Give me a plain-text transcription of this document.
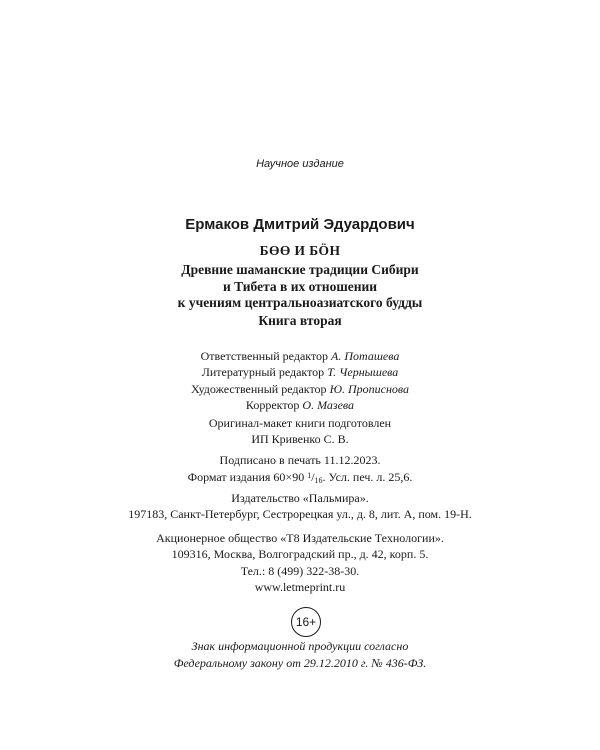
Научное издание
Ермаков Дмитрий Эдуардович
БӨӨ И БӦН
Древние шаманские традиции Сибири
и Тибета в их отношении
к учениям центральноазиатского будды
Книга вторая
Ответственный редактор А. Поташева
Литературный редактор Т. Чернышева
Художественный редактор Ю. Прописнова
Корректор О. Мазева
Оригинал-макет книги подготовлен
ИП Кривенко С. В.
Подписано в печать 11.12.2023.
Формат издания 60×90 $^1$/16. Усл. печ. л. 25,6.
Издательство «Пальмира».
197183, Санкт-Петербург, Сестрорецкая ул., д. 8, лит. А, пом. 19-Н.
Акционерное общество «Т8 Издательские Технологии».
109316, Москва, Волгоградский пр., д. 42, корп. 5.
Тел.: 8 (499) 322-38-30.
www.letmeprint.ru
16+
Знак информационной продукции согласно
Федеральному закону от 29.12.2010 г. № 436-ФЗ.
